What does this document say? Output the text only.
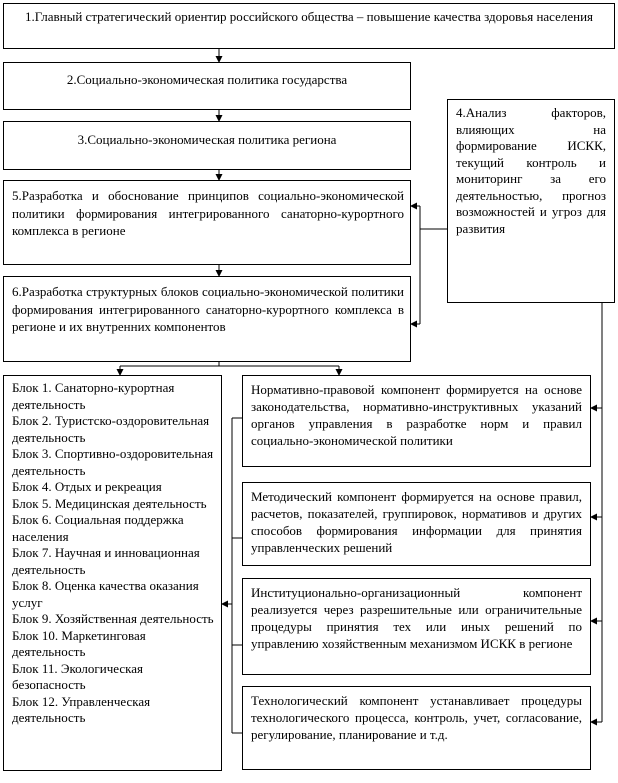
1.Главный стратегический ориентир российского общества – повышение качества здоровья населения
2.Социально-экономическая политика государства
3.Социально-экономическая политика региона
4.Анализ факторов, влияющих на формирование ИСКК, текущий контроль и мониторинг за его деятельностью, прогноз возможностей и угроз для развития
5.Разработка и обоснование принципов социально-экономической политики формирования интегрированного санаторно-курортного комплекса в регионе
6.Разработка структурных блоков социально-экономической политики формирования интегрированного санаторно-курортного комплекса в регионе и их внутренних компонентов
Блок 1. Санаторно-курортная деятельность
Блок 2. Туристско-оздоровительная деятельность
Блок 3. Спортивно-оздоровительная деятельность
Блок 4. Отдых и рекреация
Блок 5. Медицинская деятельность
Блок 6. Социальная поддержка населения
Блок 7. Научная и инновационная деятельность
Блок 8. Оценка качества оказания услуг
Блок 9. Хозяйственная деятельность
Блок 10. Маркетинговая деятельность
Блок 11. Экологическая безопасность
Блок 12. Управленческая деятельность
Нормативно-правовой компонент формируется на основе законодательства, нормативно-инструктивных указаний органов управления в разработке норм и правил социально-экономической политики
Методический компонент формируется на основе правил, расчетов, показателей, группировок, нормативов и других способов формирования информации для принятия управленческих решений
Институционально-организационный компонент реализуется через разрешительные или ограничительные процедуры принятия тех или иных решений по управлению хозяйственным механизмом ИСКК в регионе
Технологический компонент устанавливает процедуры технологического процесса, контроль, учет, согласование, регулирование, планирование и т.д.
